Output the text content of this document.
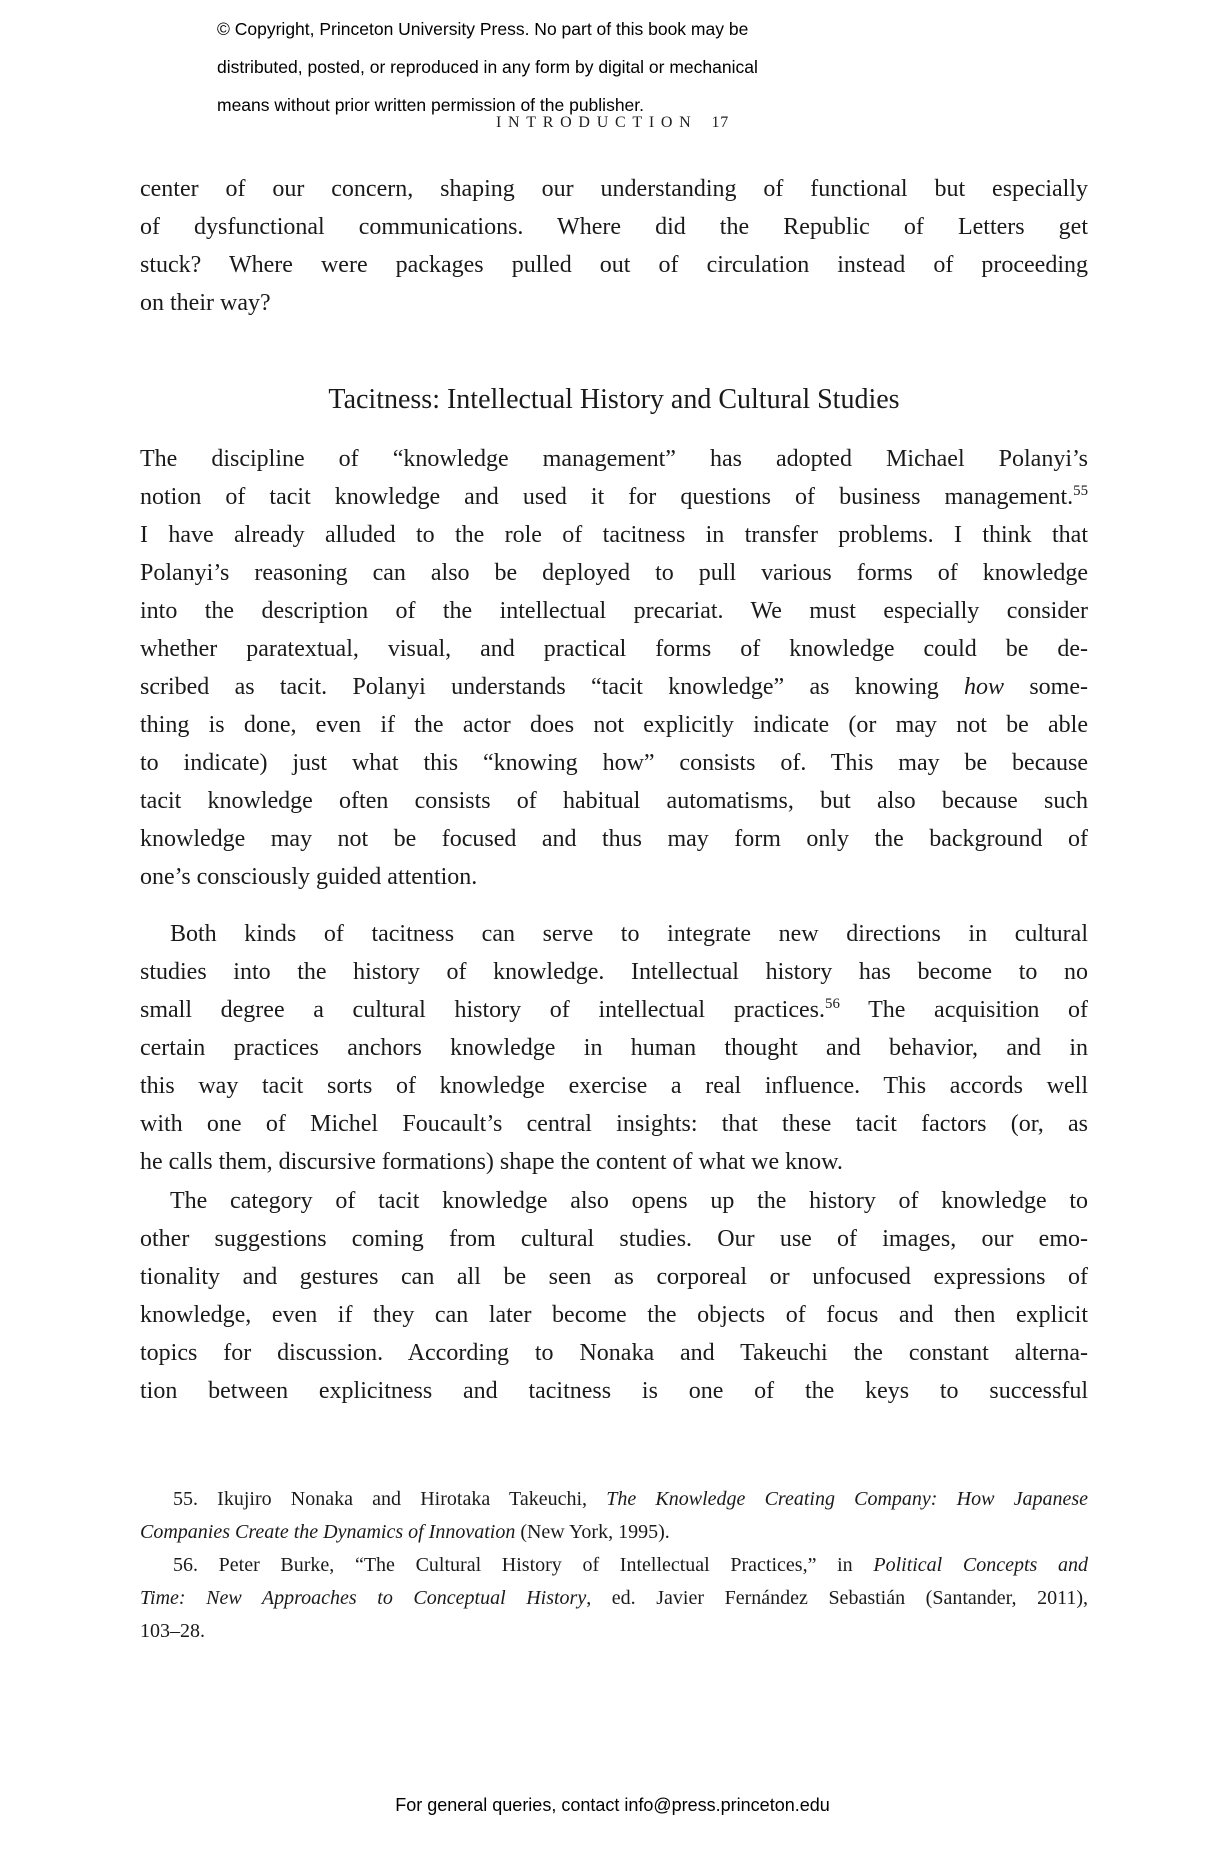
© Copyright, Princeton University Press. No part of this book may be
distributed, posted, or reproduced in any form by digital or mechanical
means without prior written permission of the publisher.
INTRODUCTION 17
center of our concern, shaping our understanding of functional but especially
of dysfunctional communications. Where did the Republic of Letters get
stuck? Where were packages pulled out of circulation instead of proceeding
on their way?
Tacitness: Intellectual History and Cultural Studies
The discipline of “knowledge management” has adopted Michael Polanyi’s
notion of tacit knowledge and used it for questions of business management.$^{55}$
I have already alluded to the role of tacitness in transfer problems. I think that
Polanyi’s reasoning can also be deployed to pull various forms of knowledge
into the description of the intellectual precariat. We must especially consider
whether paratextual, visual, and practical forms of knowledge could be de-
scribed as tacit. Polanyi understands “tacit knowledge” as knowing how some-
thing is done, even if the actor does not explicitly indicate (or may not be able
to indicate) just what this “knowing how” consists of. This may be because
tacit knowledge often consists of habitual automatisms, but also because such
knowledge may not be focused and thus may form only the background of
one’s consciously guided attention.
Both kinds of tacitness can serve to integrate new directions in cultural
studies into the history of knowledge. Intellectual history has become to no
small degree a cultural history of intellectual practices.$^{56}$ The acquisition of
certain practices anchors knowledge in human thought and behavior, and in
this way tacit sorts of knowledge exercise a real influence. This accords well
with one of Michel Foucault’s central insights: that these tacit factors (or, as
he calls them, discursive formations) shape the content of what we know.
The category of tacit knowledge also opens up the history of knowledge to
other suggestions coming from cultural studies. Our use of images, our emo-
tionality and gestures can all be seen as corporeal or unfocused expressions of
knowledge, even if they can later become the objects of focus and then explicit
topics for discussion. According to Nonaka and Takeuchi the constant alterna-
tion between explicitness and tacitness is one of the keys to successful
55. Ikujiro Nonaka and Hirotaka Takeuchi, The Knowledge Creating Company: How Japanese
Companies Create the Dynamics of Innovation (New York, 1995).
56. Peter Burke, “The Cultural History of Intellectual Practices,” in Political Concepts and
Time: New Approaches to Conceptual History, ed. Javier Fernández Sebastián (Santander, 2011),
103–28.
For general queries, contact info@press.princeton.edu
